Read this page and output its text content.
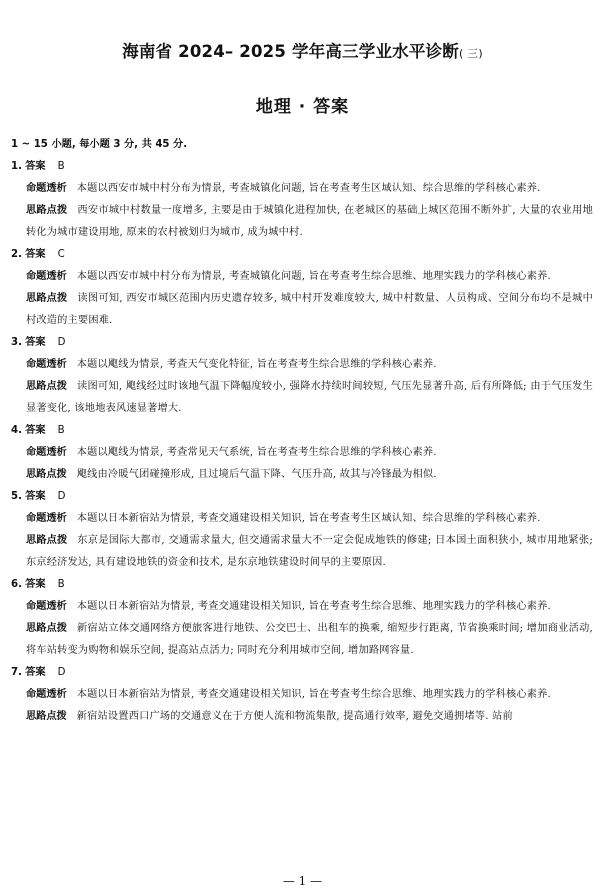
海南省 2024– 2025 学年高三学业水平诊断( 三)
地理 · 答案
1 ~ 15 小题, 每小题 3 分, 共 45 分.
1. 答案 B
命题透析 本题以西安市城中村分布为情景, 考查城镇化问题, 旨在考查考生区域认知、综合思维的学科核心素养.
思路点拨 西安市城中村数量一度增多, 主要是由于城镇化进程加快, 在老城区的基础上城区范围不断外扩, 大量的农业用地转化为城市建设用地, 原来的农村被划归为城市, 成为城中村.
2. 答案 C
命题透析 本题以西安市城中村分布为情景, 考查城镇化问题, 旨在考查考生综合思维、地理实践力的学科核心素养.
思路点拨 读图可知, 西安市城区范围内历史遗存较多, 城中村开发难度较大, 城中村数量、人员构成、空间分布均不是城中村改造的主要困难.
3. 答案 D
命题透析 本题以飑线为情景, 考查天气变化特征, 旨在考查考生综合思维的学科核心素养.
思路点拨 读图可知, 飑线经过时该地气温下降幅度较小, 强降水持续时间较短, 气压先显著升高, 后有所降低; 由于气压发生显著变化, 该地地表风速显著增大.
4. 答案 B
命题透析 本题以飑线为情景, 考查常见天气系统, 旨在考查考生综合思维的学科核心素养.
思路点拨 飑线由冷暖气团碰撞形成, 且过境后气温下降、气压升高, 故其与冷锋最为相似.
5. 答案 D
命题透析 本题以日本新宿站为情景, 考查交通建设相关知识, 旨在考查考生区域认知、综合思维的学科核心素养.
思路点拨 东京是国际大都市, 交通需求量大, 但交通需求量大不一定会促成地铁的修建; 日本国土面积狭小, 城市用地紧张; 东京经济发达, 具有建设地铁的资金和技术, 是东京地铁建设时间早的主要原因.
6. 答案 B
命题透析 本题以日本新宿站为情景, 考查交通建设相关知识, 旨在考查考生综合思维、地理实践力的学科核心素养.
思路点拨 新宿站立体交通网络方便旅客进行地铁、公交巴士、出租车的换乘, 缩短步行距离, 节省换乘时间; 增加商业活动, 将车站转变为购物和娱乐空间, 提高站点活力; 同时充分利用城市空间, 增加路网容量.
7. 答案 D
命题透析 本题以日本新宿站为情景, 考查交通建设相关知识, 旨在考查考生综合思维、地理实践力的学科核心素养.
思路点拨 新宿站设置西口广场的交通意义在于方便人流和物流集散, 提高通行效率, 避免交通拥堵等. 站前
— 1 —
